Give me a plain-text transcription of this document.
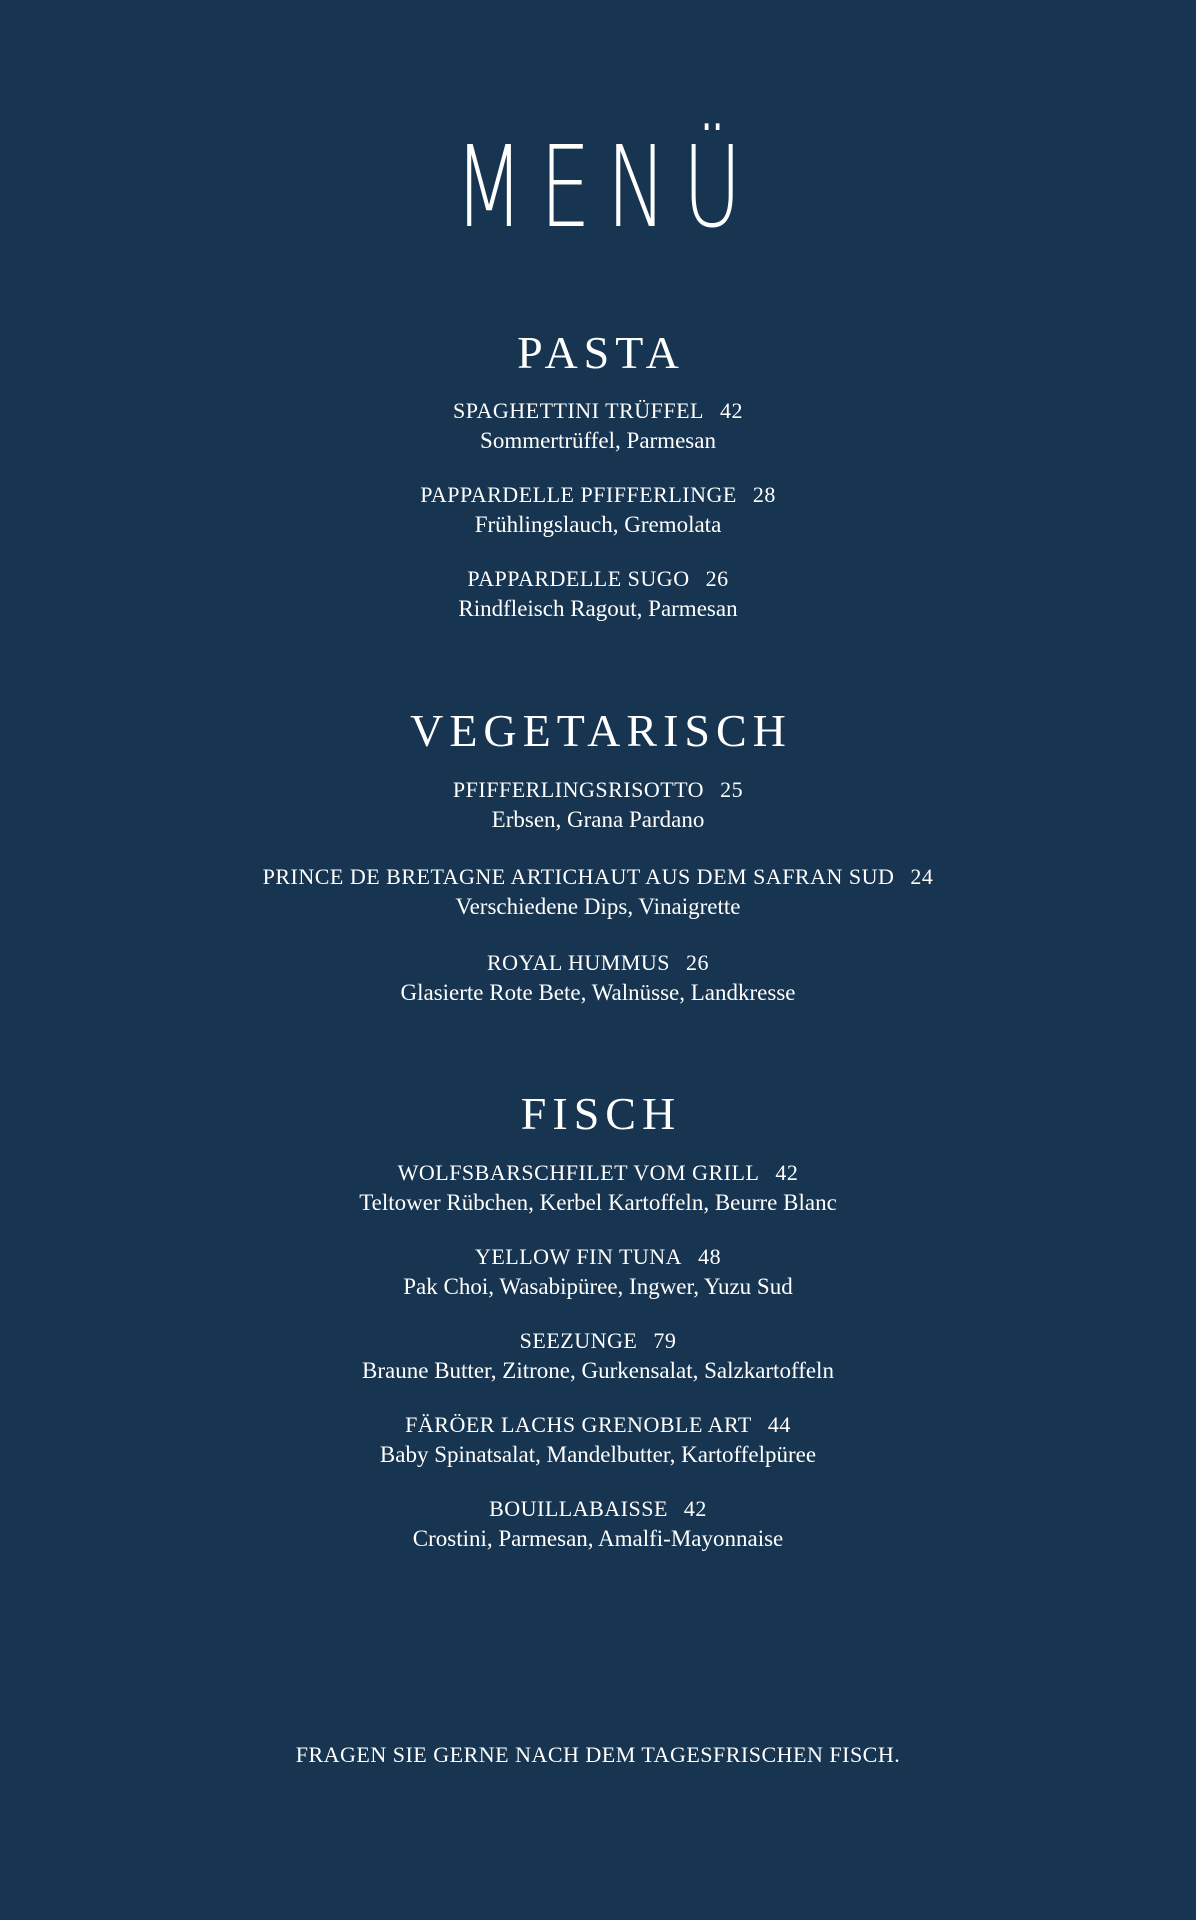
MENÜ
PASTA
SPAGHETTINI TRÜFFEL 42
Sommertrüffel, Parmesan
PAPPARDELLE PFIFFERLINGE 28
Frühlingslauch, Gremolata
PAPPARDELLE SUGO 26
Rindfleisch Ragout, Parmesan
VEGETARISCH
PFIFFERLINGSRISOTTO 25
Erbsen, Grana Pardano
PRINCE DE BRETAGNE ARTICHAUT AUS DEM SAFRAN SUD 24
Verschiedene Dips, Vinaigrette
ROYAL HUMMUS 26
Glasierte Rote Bete, Walnüsse, Landkresse
FISCH
WOLFSBARSCHFILET VOM GRILL 42
Teltower Rübchen, Kerbel Kartoffeln, Beurre Blanc
YELLOW FIN TUNA 48
Pak Choi, Wasabipüree, Ingwer, Yuzu Sud
SEEZUNGE 79
Braune Butter, Zitrone, Gurkensalat, Salzkartoffeln
FÄRÖER LACHS GRENOBLE ART 44
Baby Spinatsalat, Mandelbutter, Kartoffelpüree
BOUILLABAISSE 42
Crostini, Parmesan, Amalfi-Mayonnaise
FRAGEN SIE GERNE NACH DEM TAGESFRISCHEN FISCH.
